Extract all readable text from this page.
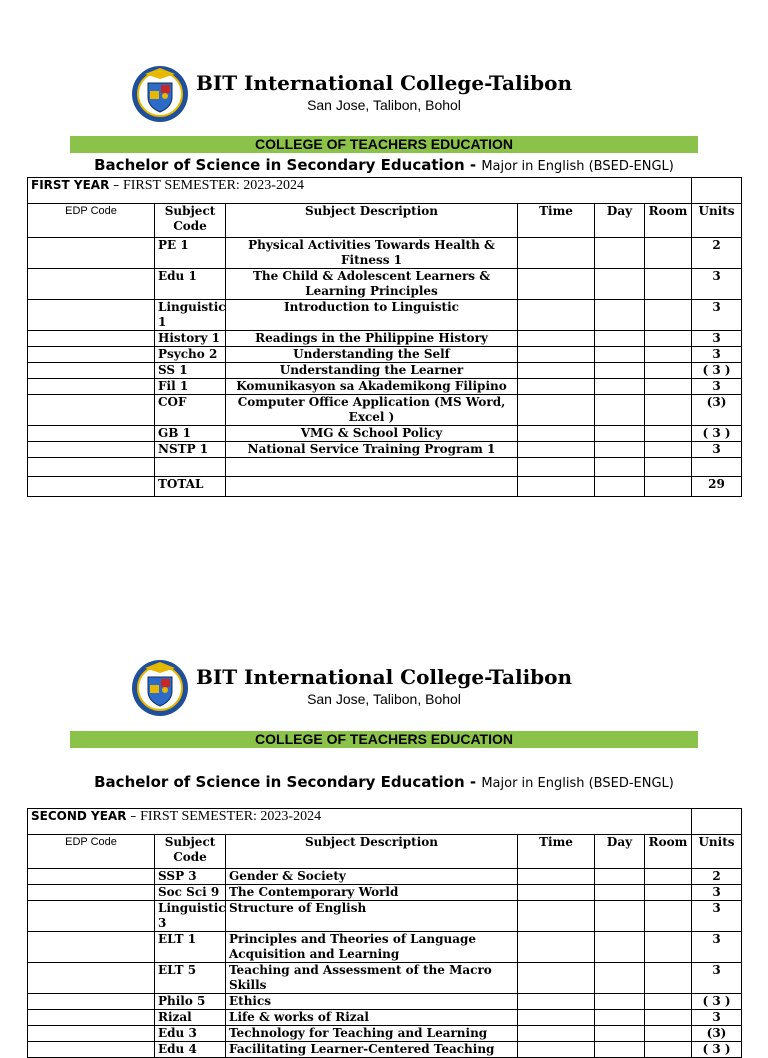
BIT International College-Talibon
San Jose, Talibon, Bohol
COLLEGE OF TEACHERS EDUCATION
Bachelor of Science in Secondary Education - Major in English (BSED-ENGL)
FIRST YEAR – FIRST SEMESTER: 2023-2024						
EDP Code	Subject Code	Subject Description	Time	Day	Room	Units
	PE 1	Physical Activities Towards Health & Fitness 1				2
	Edu 1	The Child & Adolescent Learners & Learning Principles				3
	Linguistic 1	Introduction to Linguistic				3
	History 1	Readings in the Philippine History				3
	Psycho 2	Understanding the Self				3
	SS 1	Understanding the Learner				( 3 )
	Fil 1	Komunikasyon sa Akademikong Filipino				3
	COF	Computer Office Application (MS Word, Excel )				(3)
	GB 1	VMG & School Policy				( 3 )
	NSTP 1	National Service Training Program 1				3

	TOTAL					29
BIT International College-Talibon
San Jose, Talibon, Bohol
COLLEGE OF TEACHERS EDUCATION
Bachelor of Science in Secondary Education - Major in English (BSED-ENGL)
SECOND YEAR – FIRST SEMESTER: 2023-2024						
EDP Code	Subject Code	Subject Description	Time	Day	Room	Units
	SSP 3	Gender & Society				2
	Soc Sci 9	The Contemporary World				3
	Linguistic 3	Structure of English				3
	ELT 1	Principles and Theories of Language Acquisition and Learning				3
	ELT 5	Teaching and Assessment of the Macro Skills				3
	Philo 5	Ethics				( 3 )
	Rizal	Life & works of Rizal				3
	Edu 3	Technology for Teaching and Learning				(3)
	Edu 4	Facilitating Learner-Centered Teaching				( 3 )
